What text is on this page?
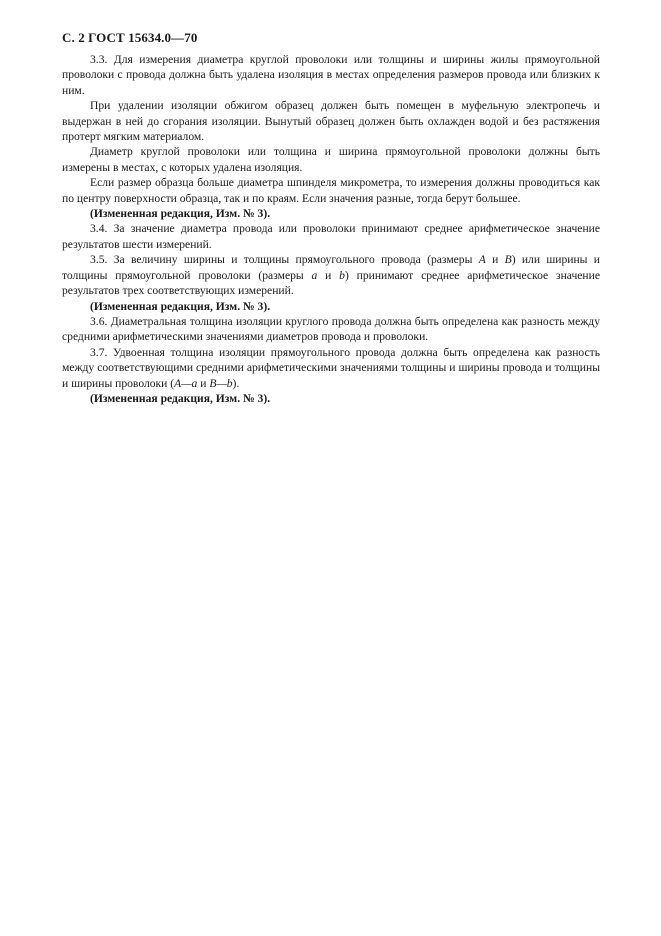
С. 2 ГОСТ 15634.0—70

3.3. Для измерения диаметра круглой проволоки или толщины и ширины жилы прямоугольной проволоки с провода должна быть удалена изоляция в местах определения размеров провода или близких к ним.

При удалении изоляции обжигом образец должен быть помещен в муфельную электропечь и выдержан в ней до сгорания изоляции. Вынутый образец должен быть охлажден водой и без растяжения протерт мягким материалом.

Диаметр круглой проволоки или толщина и ширина прямоугольной проволоки должны быть измерены в местах, с которых удалена изоляция.

Если размер образца больше диаметра шпинделя микрометра, то измерения должны проводиться как по центру поверхности образца, так и по краям. Если значения разные, тогда берут большее.

(Измененная редакция, Изм. № 3).

3.4. За значение диаметра провода или проволоки принимают среднее арифметическое значение результатов шести измерений.

3.5. За величину ширины и толщины прямоугольного провода (размеры А и В) или ширины и толщины прямоугольной проволоки (размеры а и b) принимают среднее арифметическое значение результатов трех соответствующих измерений.

(Измененная редакция, Изм. № 3).

3.6. Диаметральная толщина изоляции круглого провода должна быть определена как разность между средними арифметическими значениями диаметров провода и проволоки.

3.7. Удвоенная толщина изоляции прямоугольного провода должна быть определена как разность между соответствующими средними арифметическими значениями толщины и ширины провода и толщины и ширины проволоки (А—а и В—b).

(Измененная редакция, Изм. № 3).
